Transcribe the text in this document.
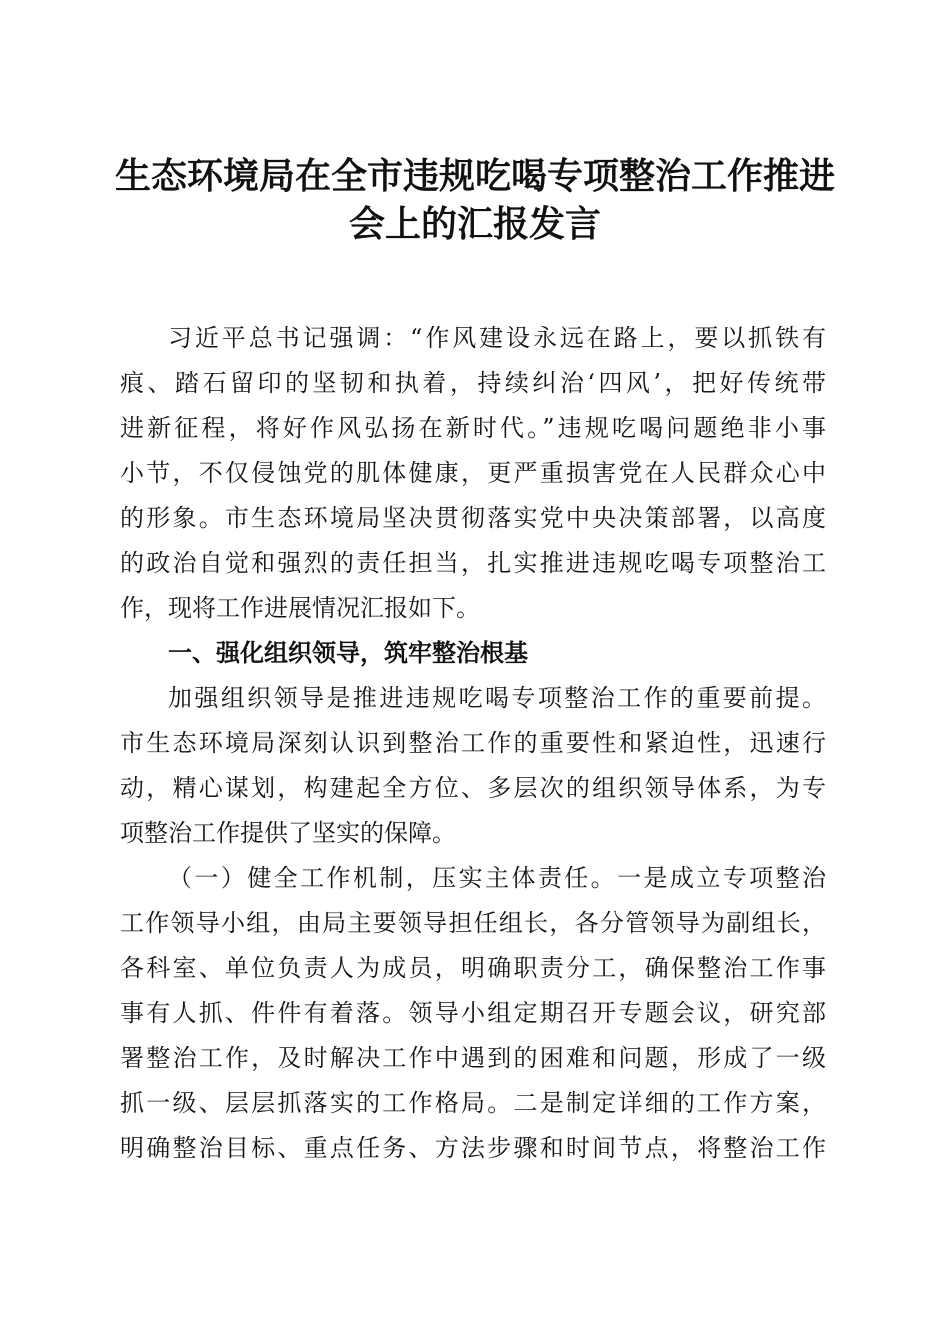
生态环境局在全市违规吃喝专项整治工作推进
会上的汇报发言
习近平总书记强调：“作风建设永远在路上，要以抓铁有
痕、踏石留印的坚韧和执着，持续纠治‘四风’，把好传统带
进新征程，将好作风弘扬在新时代。”违规吃喝问题绝非小事
小节，不仅侵蚀党的肌体健康，更严重损害党在人民群众心中
的形象。市生态环境局坚决贯彻落实党中央决策部署，以高度
的政治自觉和强烈的责任担当，扎实推进违规吃喝专项整治工
作，现将工作进展情况汇报如下。
一、强化组织领导，筑牢整治根基
加强组织领导是推进违规吃喝专项整治工作的重要前提。
市生态环境局深刻认识到整治工作的重要性和紧迫性，迅速行
动，精心谋划，构建起全方位、多层次的组织领导体系，为专
项整治工作提供了坚实的保障。
（一）健全工作机制，压实主体责任。一是成立专项整治
工作领导小组，由局主要领导担任组长，各分管领导为副组长，
各科室、单位负责人为成员，明确职责分工，确保整治工作事
事有人抓、件件有着落。领导小组定期召开专题会议，研究部
署整治工作，及时解决工作中遇到的困难和问题，形成了一级
抓一级、层层抓落实的工作格局。二是制定详细的工作方案，
明确整治目标、重点任务、方法步骤和时间节点，将整治工作
